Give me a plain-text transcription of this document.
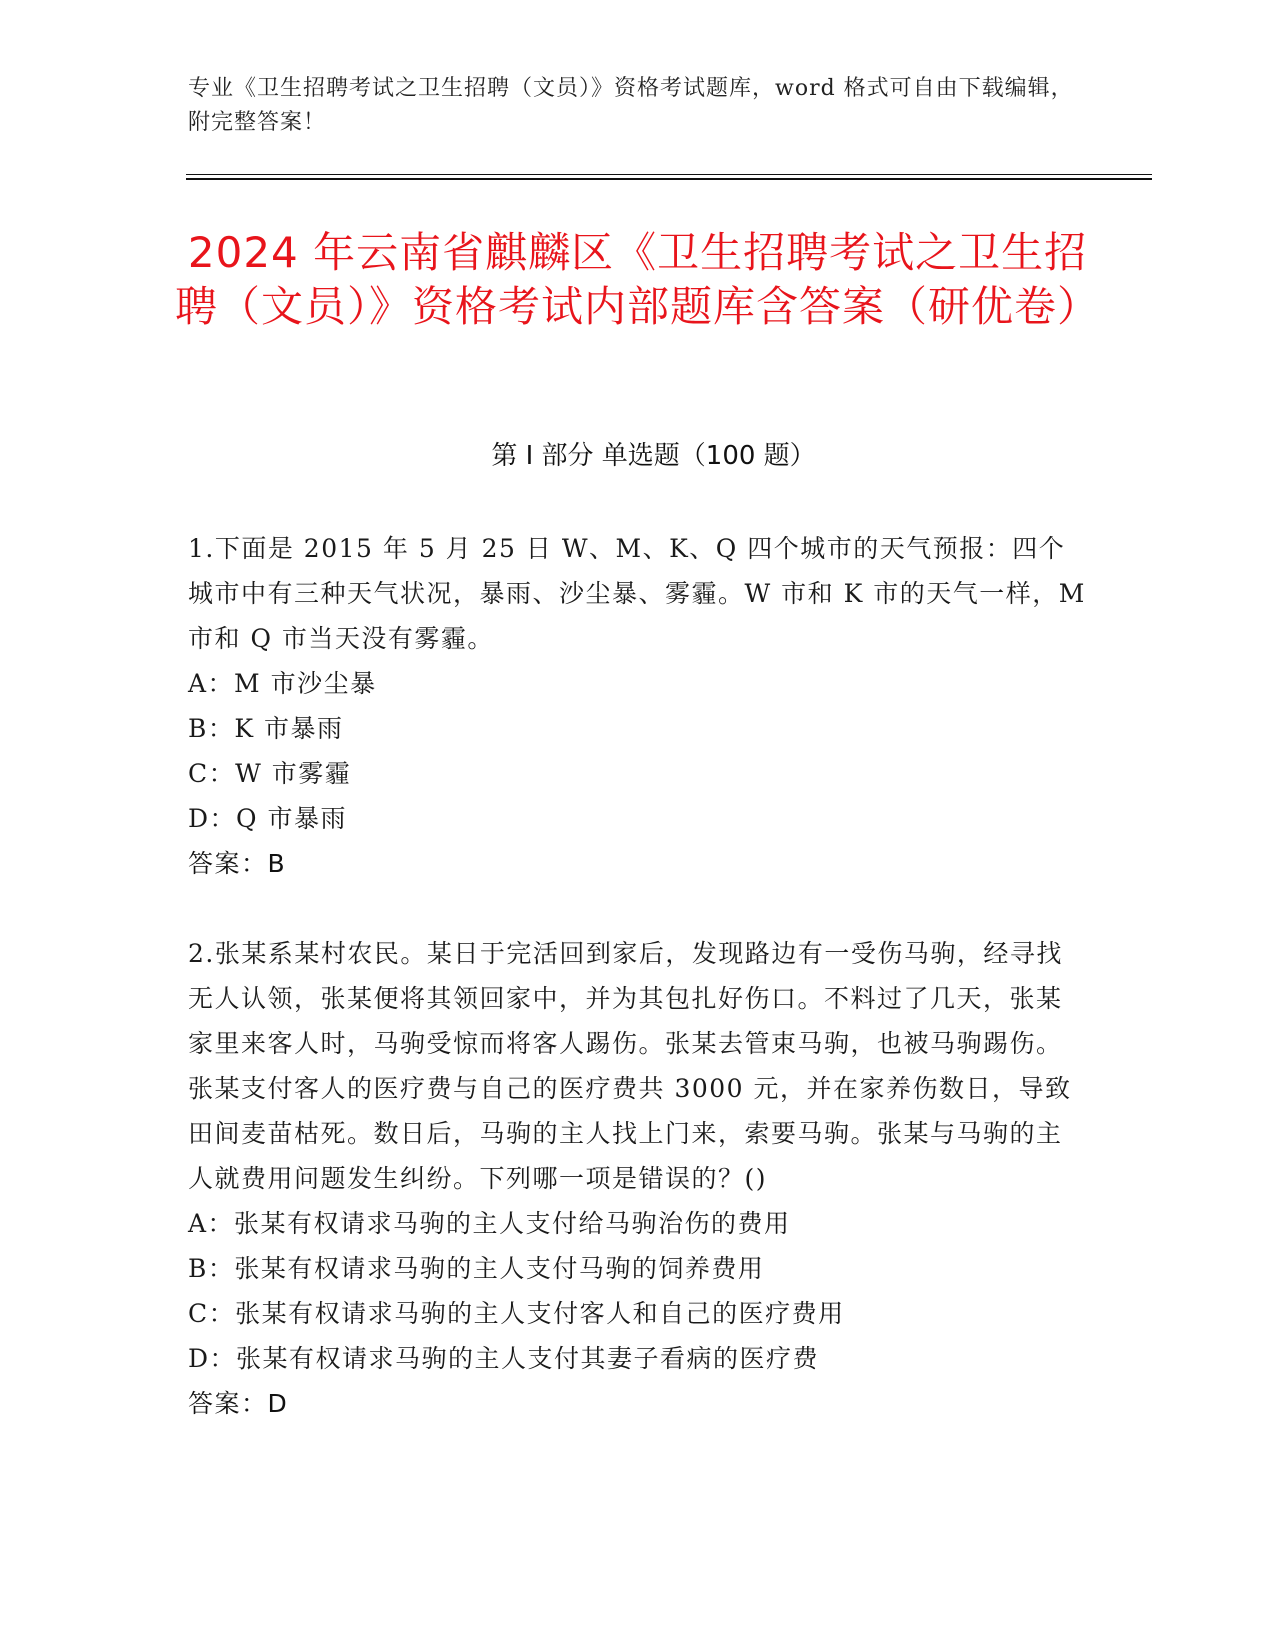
专业《卫生招聘考试之卫生招聘（文员）》资格考试题库，word 格式可自由下载编辑，附完整答案！
2024 年云南省麒麟区《卫生招聘考试之卫生招聘（文员）》资格考试内部题库含答案（研优卷）
第 I 部分 单选题（100 题）

1.下面是 2015 年 5 月 25 日 W、M、K、Q 四个城市的天气预报：四个城市中有三种天气状况，暴雨、沙尘暴、雾霾。W 市和 K 市的天气一样，M 市和 Q 市当天没有雾霾。

A：M 市沙尘暴
B：K 市暴雨
C：W 市雾霾
D：Q 市暴雨

答案：B

2.张某系某村农民。某日于完活回到家后，发现路边有一受伤马驹，经寻找无人认领，张某便将其领回家中，并为其包扎好伤口。不料过了几天，张某家里来客人时，马驹受惊而将客人踢伤。张某去管束马驹，也被马驹踢伤。张某支付客人的医疗费与自己的医疗费共 3000 元，并在家养伤数日，导致田间麦苗枯死。数日后，马驹的主人找上门来，索要马驹。张某与马驹的主人就费用问题发生纠纷。下列哪一项是错误的？()

A：张某有权请求马驹的主人支付给马驹治伤的费用
B：张某有权请求马驹的主人支付马驹的饲养费用
C：张某有权请求马驹的主人支付客人和自己的医疗费用
D：张某有权请求马驹的主人支付其妻子看病的医疗费

答案：D
